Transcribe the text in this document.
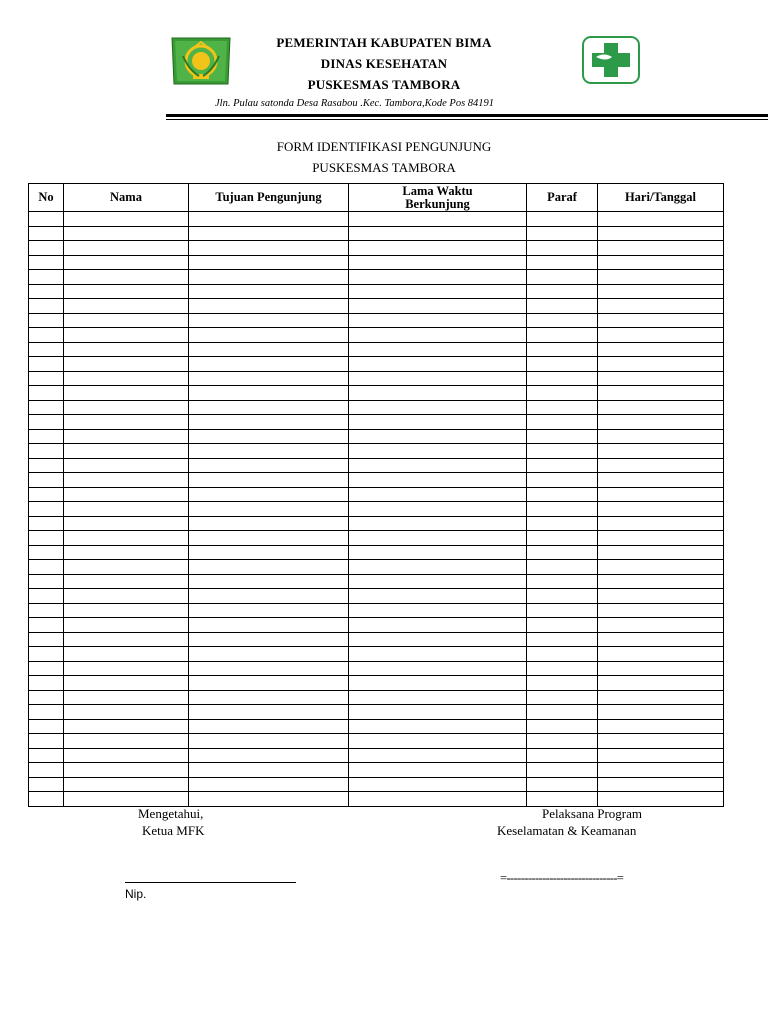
PEMERINTAH KABUPATEN BIMA
DINAS KESEHATAN
PUSKESMAS TAMBORA
Jln. Pulau satonda Desa Rasabou .Kec. Tambora,Kode Pos 84191
FORM IDENTIFIKASI PENGUNJUNG
PUSKESMAS TAMBORA
No	Nama	Tujuan Pengunjung	Lama Waktu Berkunjung	Paraf	Hari/Tanggal

Mengetahui,
Ketua MFK
Nip.
Pelaksana Program
Keselamatan & Keamanan
=-------------------------------=
